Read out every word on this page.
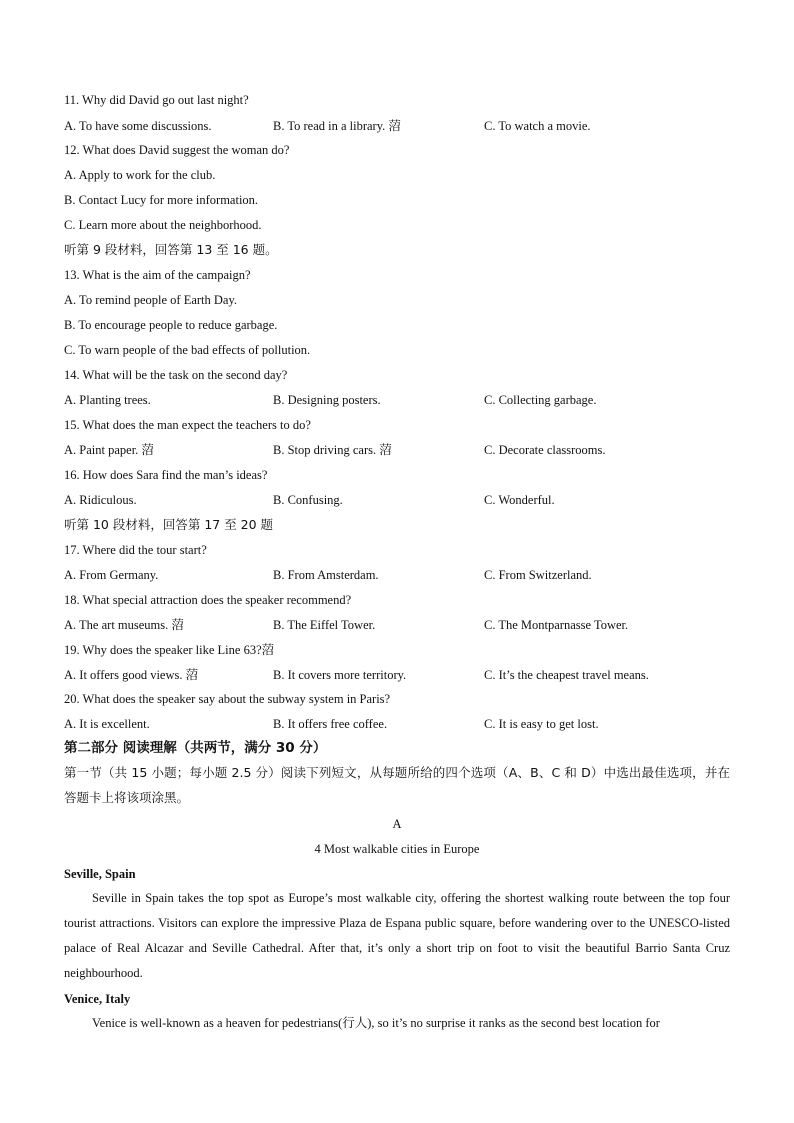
11. Why did David go out last night?
A. To have some discussions.	B. To read in a library. 菬	C. To watch a movie.
12. What does David suggest the woman do?
A. Apply to work for the club.
B. Contact Lucy for more information.
C. Learn more about the neighborhood.
听第 9 段材料，回答第 13 至 16 题。
13. What is the aim of the campaign?
A. To remind people of Earth Day.
B. To encourage people to reduce garbage.
C. To warn people of the bad effects of pollution.
14. What will be the task on the second day?
A. Planting trees.	B. Designing posters.	C. Collecting garbage.
15. What does the man expect the teachers to do?
A. Paint paper. 菬	B. Stop driving cars. 菬	C. Decorate classrooms.
16. How does Sara find the man’s ideas?
A. Ridiculous.	B. Confusing.	C. Wonderful.
听第 10 段材料，回答第 17 至 20 题
17. Where did the tour start?
A. From Germany.	B. From Amsterdam.	C. From Switzerland.
18. What special attraction does the speaker recommend?
A. The art museums. 菬	B. The Eiffel Tower.	C. The Montparnasse Tower.
19. Why does the speaker like Line 63?菬
A. It offers good views. 菬	B. It covers more territory.	C. It’s the cheapest travel means.
20. What does the speaker say about the subway system in Paris?
A. It is excellent.	B. It offers free coffee.	C. It is easy to get lost.
第二部分 阅读理解（共两节，满分 30 分）
第一节（共 15 小题；每小题 2.5 分）阅读下列短文，从每题所给的四个选项（A、B、C 和 D）中选出最佳选项，并在答题卡上将该项涂黑。
A
4 Most walkable cities in Europe
Seville, Spain
Seville in Spain takes the top spot as Europe’s most walkable city, offering the shortest walking route between the top four tourist attractions. Visitors can explore the impressive Plaza de Espana public square, before wandering over to the UNESCO-listed palace of Real Alcazar and Seville Cathedral. After that, it’s only a short trip on foot to visit the beautiful Barrio Santa Cruz neighbourhood.
Venice, Italy
Venice is well-known as a heaven for pedestrians(行人), so it’s no surprise it ranks as the second best location for
